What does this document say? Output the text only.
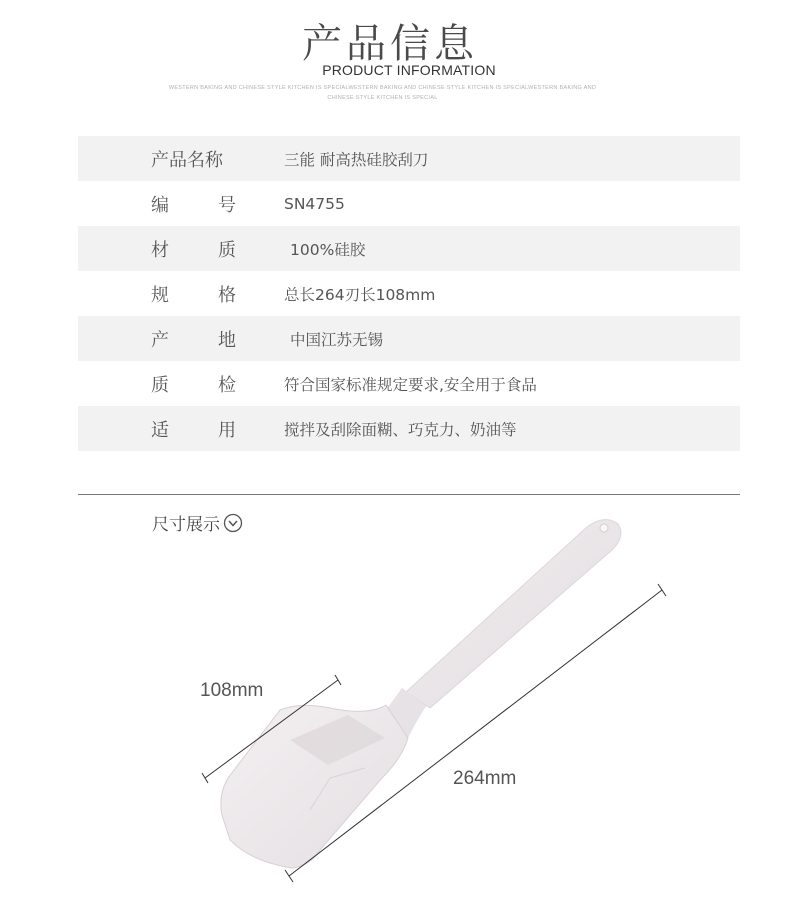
产品信息
PRODUCT INFORMATION
WESTERN BAKING AND CHINESE STYLE KITCHEN IS SPECIALWESTERN BAKING AND CHINESE STYLE KITCHEN IS SPECIALWESTERN BAKING AND CHINESE STYLE KITCHEN IS SPECIAL
产品名称	三能 耐高热硅胶刮刀
编号	SN4755
材质	100%硅胶
规格	总长264刃长108mm
产地	中国江苏无锡
质检	符合国家标准规定要求,安全用于食品
适用	搅拌及刮除面糊、巧克力、奶油等
尺寸展示
108mm
264mm
